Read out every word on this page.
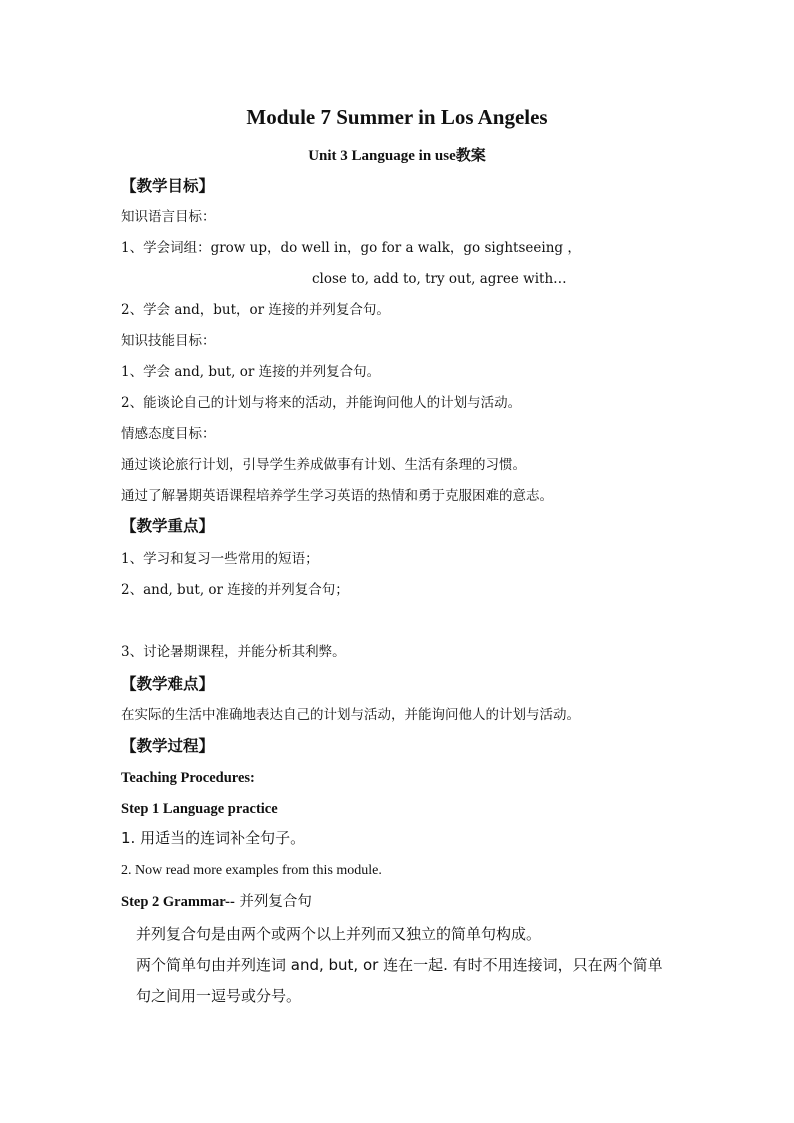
Module 7 Summer in Los Angeles
Unit 3 Language in use教案
【教学目标】
知识语言目标：
1、学会词组：grow up，do well in，go for a walk，go sightseeing ，
close to, add to, try out, agree with…
2、学会 and，but，or 连接的并列复合句。
知识技能目标：
1、学会 and, but, or 连接的并列复合句。
2、能谈论自己的计划与将来的活动，并能询问他人的计划与活动。
情感态度目标：
通过谈论旅行计划，引导学生养成做事有计划、生活有条理的习惯。
通过了解暑期英语课程培养学生学习英语的热情和勇于克服困难的意志。
【教学重点】
1、学习和复习一些常用的短语；
2、and, but, or 连接的并列复合句；
3、讨论暑期课程，并能分析其利弊。
【教学难点】
在实际的生活中准确地表达自己的计划与活动，并能询问他人的计划与活动。
【教学过程】
Teaching Procedures:
Step 1 Language practice
1. 用适当的连词补全句子。
2. Now read more examples from this module.
Step 2 Grammar-- 并列复合句
并列复合句是由两个或两个以上并列而又独立的简单句构成。
两个简单句由并列连词 and, but, or 连在一起. 有时不用连接词，只在两个简单
句之间用一逗号或分号。
